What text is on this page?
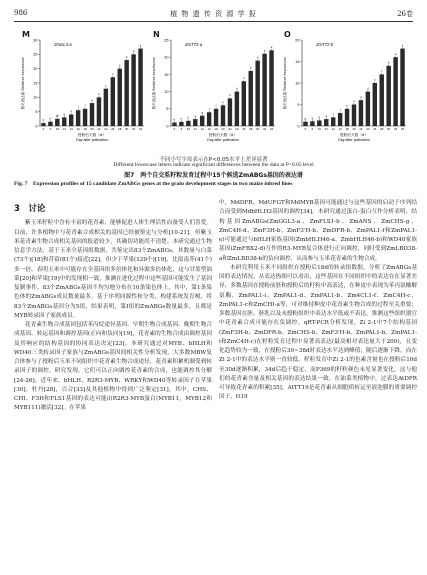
986	植 物 遗 传 资 源 学 报	26卷
0
5
10
15
20
25
30
相对表达量 Relative expression
ZmGL3-a
h
0
h
5
gh
10
g
12
g
14
f
16
f
18
e
20
d
22
c
24
c
26
b
28
b
30
a
32
a
34
授粉后天数（d）
Day after pollination
M
0
5
10
15
20
25
相对表达量 Relative expression
ZmTT2-a
h
0
h
5
h
10
g
12
g
14
f
16
f
18
e
20
d
22
d
24
c
26
b
28
b
30
a
32
a
34
授粉后天数（d）
Day after pollination
N
0
5
10
15
20
相对表达量 Relative expression
ZmTT2-b
g
0
g
5
g
10
g
12
f
14
f
16
e
18
e
20
d
22
d
24
c
26
c
28
b
30
a
32
a
34
授粉后天数（d）
Day after pollination
O
不同小写字母表示在P<0.05水平上差异显著
Different lowercase letters indicate significant differences between the data at P<0.05 level
图7　两个自交系籽粒发育过程中15个候选ZmABGs基因的表达谱
Fig. 7　Expression profiles of 15 candidate ZmABGs genes at the grain development stages in two maize inbred lines
3　讨论

紫玉米籽粒中含有丰富的花青素，能够促进人体生理活性而备受人们喜爱。目前，许多植物中与花青素合成相关的基因已经被鉴定与分析[10-21]。但紫玉米花青素生物合成相关基因的报道较少，其确切功能尚不清楚。本研究通过生物信息学方法，基于玉米全基因组数据，共鉴定出83个ZmABGs，其数量与白菜(73个)[18]和苜蓿(81个)接近[22]，但少于苹果(129个)[19]，比拟南芥(41个)多一倍，表明玉米中可能存在全基因组多倍体化和异源多倍体化，这与甘蓝型油菜[20]和苹果[19]中的发现相一致，推测在进化过程中这些基因可能发生了基因复制事件。83个ZmABGs基因不均匀地分布在10条染色体上，其中，第1条染色体的ZmABGs成员数量最多。基于序列同源性和分类，构建系统发育树，将83个ZmABGs基因分为5组，结果表明，第I组的ZmABGs数量最多，且都是MYB转录因子家族成员。

花青素生物合成基因包括苯丙烷途径基因、早期生物合成基因、晚期生物合成基因、转运基因和调控基因(正向和负向)[19]，花青素的生物合成由调控基因及其响应的结构基因的协同表达决定[23]。本研究通过对MYB、bHLH和WD40三类转录因子家族与ZmABGs基因间相关性分析发现，大多数MBW复合体参与了授粉后玉米不同组织中花青素生物合成途径，花青素积累机制受到转录因子的调控。研究发现，它们可以正向调控花青素的合成，也能调控其分解[24-26]。近年来，bHLH、R2R3-MYB、WRKY和WD40等转录因子在苹果[30]，牡丹[28]，百合[33]及其他植物中得到广泛鉴定[31]，其中，CHS、CHI、F3H和FLS1基因的表达可能由R2R3-MYB蛋白(MYB11，MYB12和MYB111)激活[32]。在苹果

中，MdDFR、MdUFGT和MdMYB基因可能通过与这些基因的启动子序列结合而受到MdbHLH3基因的调控[34]。本研究通过蛋白-蛋白互作分析表明，结构基因ZmABGs(ZmGGL3-a、ZmFLS1-b、ZmANS、ZmCHS-g、ZmC4H-d、ZmF3H-b、ZmF3'H-b、ZmDFR-b、ZmPAL1-f和ZmPAL1-e)可能通过与bHLH家族基因(ZmbHLH46-a、ZmbHLH46-b)和WD40家族基因(ZmFBX2-d)互作的R3-MYB复合体进行正向调控，同时受到ZmLBD38-a和ZmLBD38-b的负向调控，从而参与玉米花青素的生物合成。

本研究利用玉米不同组织在授粉后18d的转录组数据，分析了ZmABGs基因的表达情况。从表达热图可以看出，这些基因在不同组织中的表达存在显著差异，多数基因在授粉前胚和授粉后的籽粒中高表达，在种皮中表现为苯丙氨酸解氨酶，ZmPAL1-i、ZmPAL1-d、ZmPAL1-b、Zm4CL1-f、ZmC4H-c、ZmPAL1-c和ZmCHI-a等，可对维持种皮中花青素生物合成的过程至关重要；多数基因在胚、胚乳以及未授粉组织中表达水平低或不表达，推测这些组织器官中花青素合成可能存在负调控。qRT-PCR分析发现，Zi 2-1中7个结构基因(ZmF3H-b、ZmDFR-b、ZmCHS-b、ZmF3'H-b、ZmPAL1-b、ZmPAL1-i和ZmC4H-c)在籽粒发育过程中显著高表达(最高相对表达量大于200)，且变化趋势较为一致，在授粉后30~38d时表达水平达到峰值，随后逐渐下降，而在Zi 2-1中的表达水平则一直较低。籽粒发育中Zi 2-1的色素含量也在授粉后10d至30d逐渐积累，34d后趋于稳定，而P369的籽粒颜色未见显著变化，这与他们的花青素含量及相关基因的表达结果一致。在油菜类植物中，过表达AtDFR可导致花青素的积累[35]，AtTT19是花青素从细胞质转运至液泡膜的重要调控因子，tt19
